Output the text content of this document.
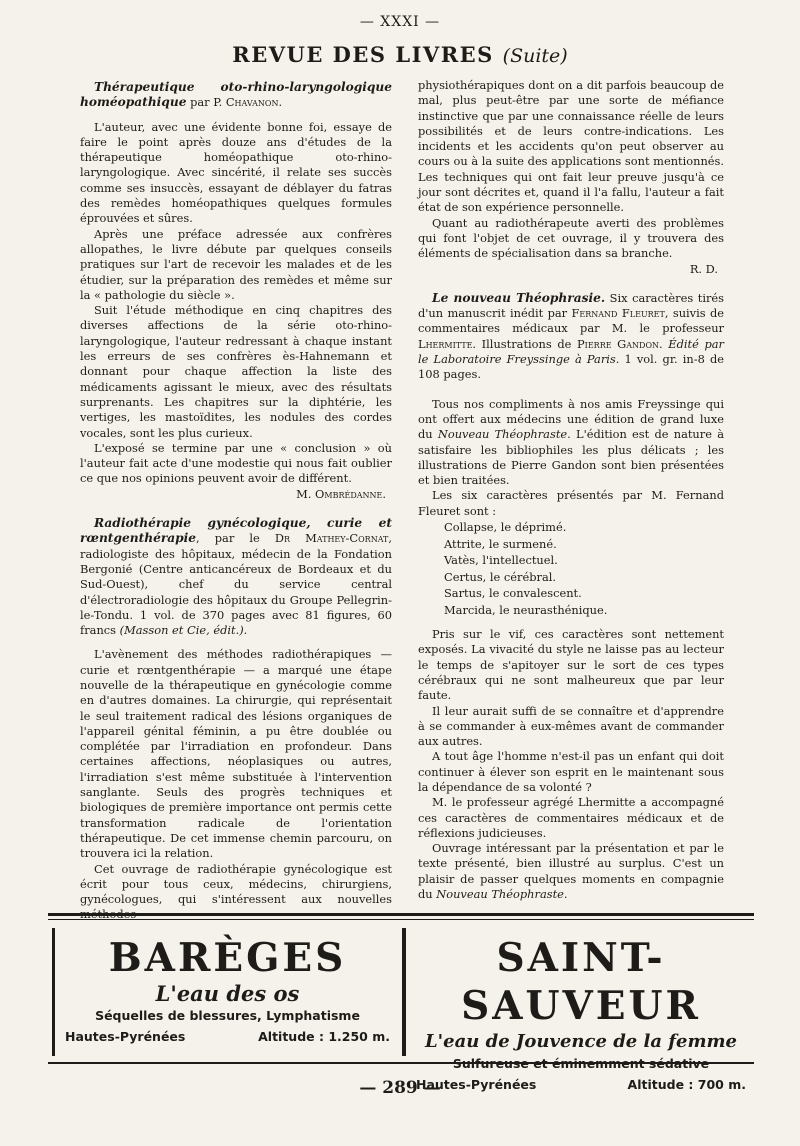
— XXXI —
REVUE DES LIVRES (Suite)

Thérapeutique oto-rhino-laryngologique homéopathique par P. Chavanon.

L'auteur, avec une évidente bonne foi, essaye de faire le point après douze ans d'études de la thérapeutique homéopathique oto-rhino-laryngologique. Avec sincérité, il relate ses succès comme ses insuccès, essayant de déblayer du fatras des remèdes homéopathiques quelques formules éprouvées et sûres.

Après une préface adressée aux confrères allopathes, le livre débute par quelques conseils pratiques sur l'art de recevoir les malades et de les étudier, sur la préparation des remèdes et même sur la « pathologie du siècle ».

Suit l'étude méthodique en cinq chapitres des diverses affections de la série oto-rhino-laryngologique, l'auteur redressant à chaque instant les erreurs de ses confrères ès-Hahnemann et donnant pour chaque affection la liste des médicaments agissant le mieux, avec des résultats surprenants. Les chapitres sur la diphtérie, les vertiges, les mastoïdites, les nodules des cordes vocales, sont les plus curieux.

L'exposé se termine par une « conclusion » où l'auteur fait acte d'une modestie qui nous fait oublier ce que nos opinions peuvent avoir de différent.

M. Ombrédanne.

Radiothérapie gynécologique, curie et rœntgenthérapie, par le Dr Mathey-Cornat, radiologiste des hôpitaux, médecin de la Fondation Bergonié (Centre anticancéreux de Bordeaux et du Sud-Ouest), chef du service central d'électroradiologie des hôpitaux du Groupe Pellegrin-le-Tondu. 1 vol. de 370 pages avec 81 figures, 60 francs (Masson et Cie, édit.).

L'avènement des méthodes radiothérapiques — curie et rœntgenthérapie — a marqué une étape nouvelle de la thérapeutique en gynécologie comme en d'autres domaines. La chirurgie, qui représentait le seul traitement radical des lésions organiques de l'appareil génital féminin, a pu être doublée ou complétée par l'irradiation en profondeur. Dans certaines affections, néoplasiques ou autres, l'irradiation s'est même substituée à l'intervention sanglante. Seuls des progrès techniques et biologiques de première importance ont permis cette transformation radicale de l'orientation thérapeutique. De cet immense chemin parcouru, on trouvera ici la relation.

Cet ouvrage de radiothérapie gynécologique est écrit pour tous ceux, médecins, chirurgiens, gynécologues, qui s'intéressent aux nouvelles

physiothérapiques dont on a dit parfois beaucoup de mal, plus peut-être par une sorte de méfiance instinctive que par une connaissance réelle de leurs possibilités et de leurs contre-indications. Les incidents et les accidents qu'on peut observer au cours ou à la suite des applications sont mentionnés. Les techniques qui ont fait leur preuve jusqu'à ce jour sont décrites et, quand il l'a fallu, l'auteur a fait état de son expérience personnelle.

Quant au radiothérapeute averti des problèmes qui font l'objet de cet ouvrage, il y trouvera des éléments de spécialisation dans sa branche.

R. D.

Le nouveau Théophrasie. Six caractères tirés d'un manuscrit inédit par Fernand Fleuret, suivis de commentaires médicaux par M. le professeur Lhermitte. Illustrations de Pierre Gandon. Édité par le Laboratoire Freyssinge à Paris. 1 vol. gr. in-8 de 108 pages.

Tous nos compliments à nos amis Freyssinge qui ont offert aux médecins une édition de grand luxe du Nouveau Théophraste. L'édition est de nature à satisfaire les bibliophiles les plus délicats ; les illustrations de Pierre Gandon sont bien présentées et bien traitées.

Les six caractères présentés par M. Fernand Fleuret sont :

Collapse, le déprimé.

Attrite, le surmené.

Vatès, l'intellectuel.

Certus, le cérébral.

Sartus, le convalescent.

Marcida, le neurasthénique.

Pris sur le vif, ces caractères sont nettement exposés. La vivacité du style ne laisse pas au lecteur le temps de s'apitoyer sur le sort de ces types cérébraux qui ne sont malheureux que par leur faute.

Il leur aurait suffi de se connaître et d'apprendre à se commander à eux-mêmes avant de commander aux autres.

A tout âge l'homme n'est-il pas un enfant qui doit continuer à élever son esprit en le maintenant sous la dépendance de sa volonté ?

M. le professeur agrégé Lhermitte a accompagné ces caractères de commentaires médicaux et de réflexions judicieuses.

Ouvrage intéressant par la présentation et par le texte présenté, bien illustré au surplus. C'est un plaisir de passer quelques moments en compagnie du Nouveau Théophraste.

BARÈGES
L'eau des os
Séquelles de blessures, Lymphatisme
Hautes-Pyrénées	Altitude : 1.250 m.
SAINT-SAUVEUR
L'eau de Jouvence de la femme
Hautes-Pyrénées	Altitude : 700 m.
— 289 —
